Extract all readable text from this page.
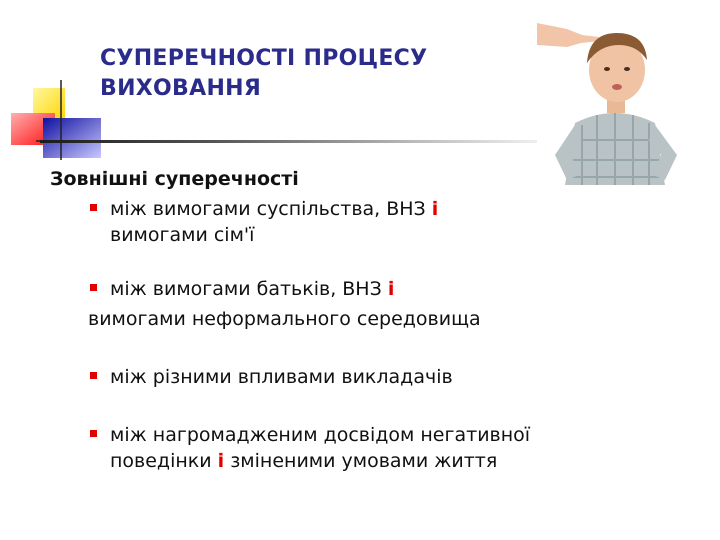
СУПЕРЕЧНОСТІ ПРОЦЕСУ
ВИХОВАННЯ
Зовнішні суперечності
між вимогами суспільства, ВНЗ і
вимогами сім'ї
між вимогами батьків, ВНЗ і
вимогами неформального середовища
між різними впливами викладачів
між нагромадженим досвідом негативної
поведінки і зміненими умовами життя
